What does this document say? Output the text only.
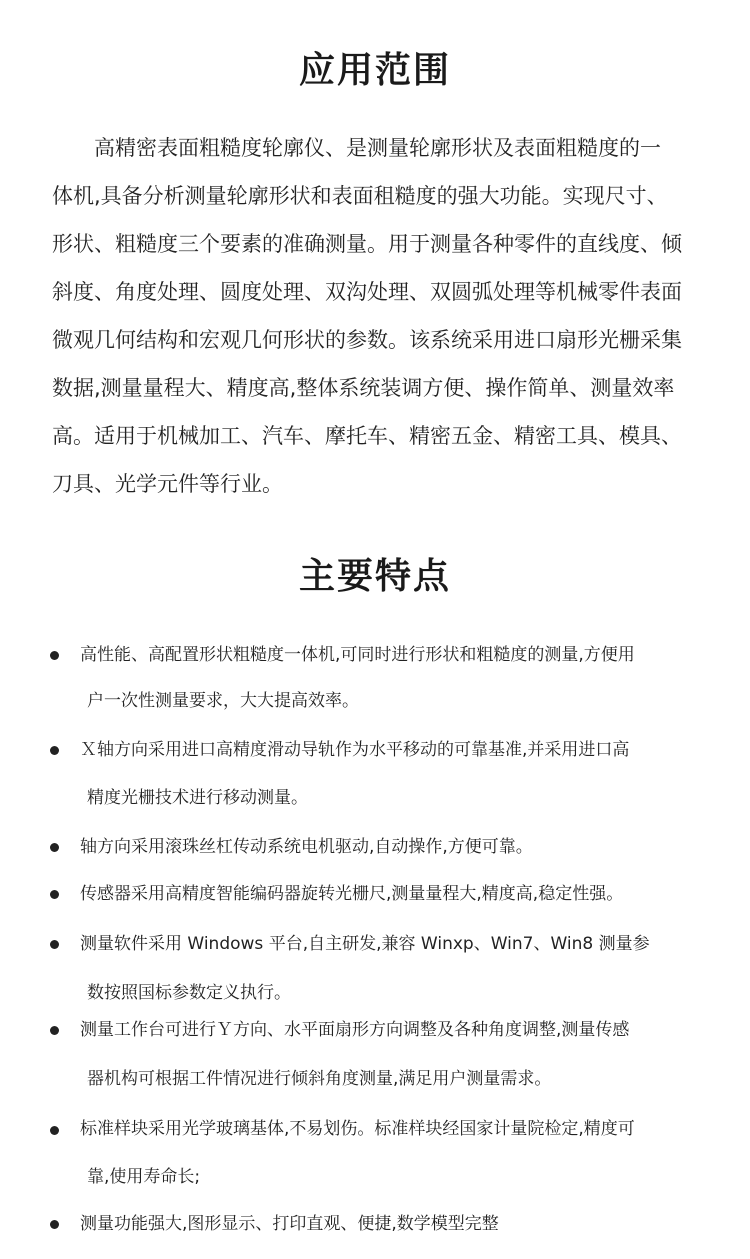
应用范围

　　高精密表面粗糙度轮廓仪、是测量轮廓形状及表面粗糙度的一

体机,具备分析测量轮廓形状和表面租糙度的强大功能。实现尺寸、

形状、粗糙度三个要素的准确测量。用于测量各种零件的直线度、倾

斜度、角度处理、圆度处理、双沟处理、双圆弧处理等机械零件表面

微观几何结构和宏观几何形状的参数。该系统采用进口扇形光栅采集

数据,测量量程大、精度高,整体系统装调方便、操作简单、测量效率

高。适用于机械加工、汽车、摩托车、精密五金、精密工具、模具、

刀具、光学元件等行业。

主要特点

高性能、高配置形状粗糙度一体机,可同时进行形状和粗糙度的测量,方便用

户一次性测量要求，大大提高效率。

Ｘ轴方向采用进口高精度滑动导轨作为水平移动的可靠基准,并采用进口高

精度光栅技术进行移动测量。

轴方向采用滚珠丝杠传动系统电机驱动,自动操作,方便可靠。

传感器采用高精度智能编码器旋转光栅尺,测量量程大,精度高,稳定性强。

测量软件采用 Windows 平台,自主研发,兼容 Winxp、Win7、Win8 测量参

数按照国标参数定义执行。

测量工作台可进行Ｙ方向、水平面扇形方向调整及各种角度调整,测量传感

器机构可根据工件情况进行倾斜角度测量,满足用户测量需求。

标准样块采用光学玻璃基体,不易划伤。标准样块经国家计量院检定,精度可

靠,使用寿命长;

测量功能强大,图形显示、打印直观、便捷,数学模型完整
